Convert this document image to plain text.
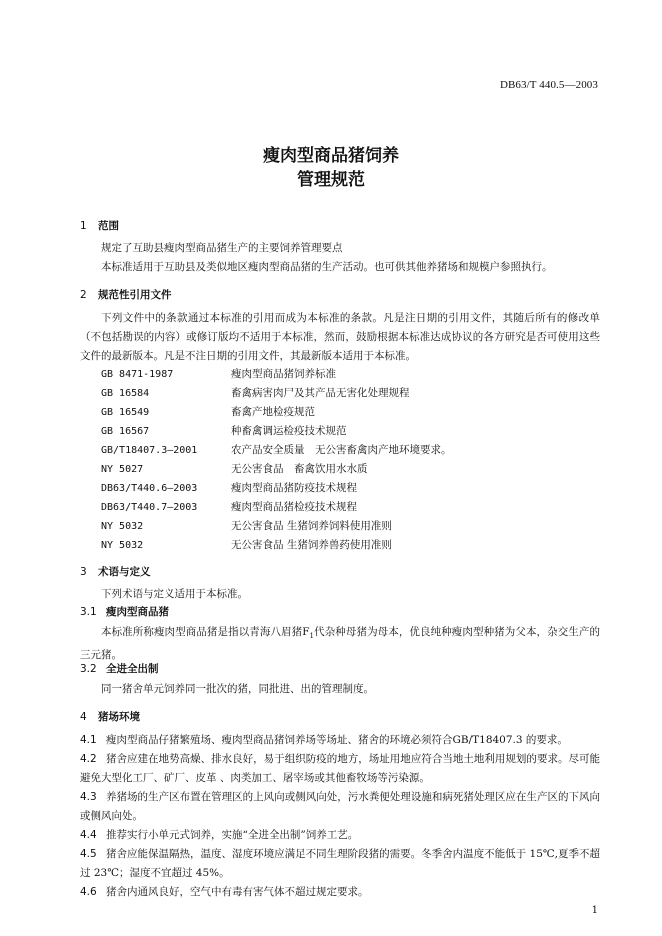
DB63/T 440.5—2003
瘦肉型商品猪饲养
管理规范
1 范围
规定了互助县瘦肉型商品猪生产的主要饲养管理要点
本标准适用于互助县及类似地区瘦肉型商品猪的生产活动。也可供其他养猪场和规模户参照执行。
2 规范性引用文件
下列文件中的条款通过本标准的引用而成为本标准的条款。凡是注日期的引用文件，其随后所有的修改单（不包括勘误的内容）或修订版均不适用于本标准，然而，鼓励根据本标准达成协议的各方研究是否可使用这些文件的最新版本。凡是不注日期的引用文件，其最新版本适用于本标准。
GB 8471-1987	瘦肉型商品猪饲养标准
GB 16584	畜禽病害肉尸及其产品无害化处理规程
GB 16549	畜禽产地检疫规范
GB 16567	种畜禽调运检疫技术规范
GB/T18407.3—2001	农产品安全质量　无公害畜禽肉产地环境要求。
NY 5027	无公害食品　畜禽饮用水水质
DB63/T440.6—2003	瘦肉型商品猪防疫技术规程
DB63/T440.7—2003	瘦肉型商品猪检疫技术规程
NY 5032	无公害食品 生猪饲养饲料使用准则
NY 5032	无公害食品 生猪饲养兽药使用准则
3 术语与定义
下列术语与定义适用于本标准。
3.1 瘦肉型商品猪
本标准所称瘦肉型商品猪是指以青海八眉猪$F_1$代杂种母猪为母本，优良纯种瘦肉型种猪为父本，杂交生产的三元猪。
3.2 全进全出制
同一猪舍单元饲养同一批次的猪，同批进、出的管理制度。
4 猪场环境
4.1 瘦肉型商品仔猪繁殖场、瘦肉型商品猪饲养场等场址、猪舍的环境必须符合GB/T18407.3 的要求。
4.2 猪舍应建在地势高燥、排水良好，易于组织防疫的地方，场址用地应符合当地土地利用规划的要求。尽可能避免大型化工厂、矿厂、皮革 、肉类加工、屠宰场或其他畜牧场等污染源。
4.3 养猪场的生产区布置在管理区的上风向或侧风向处，污水粪便处理设施和病死猪处理区应在生产区的下风向或侧风向处。
4.4 推荐实行小单元式饲养，实施“全进全出制”饲养工艺。
4.5 猪舍应能保温隔热，温度、湿度环境应满足不同生理阶段猪的需要。冬季舍内温度不能低于 15℃,夏季不超过 23℃；湿度不宜超过 45%。
4.6 猪舍内通风良好，空气中有毒有害气体不超过规定要求。
1
